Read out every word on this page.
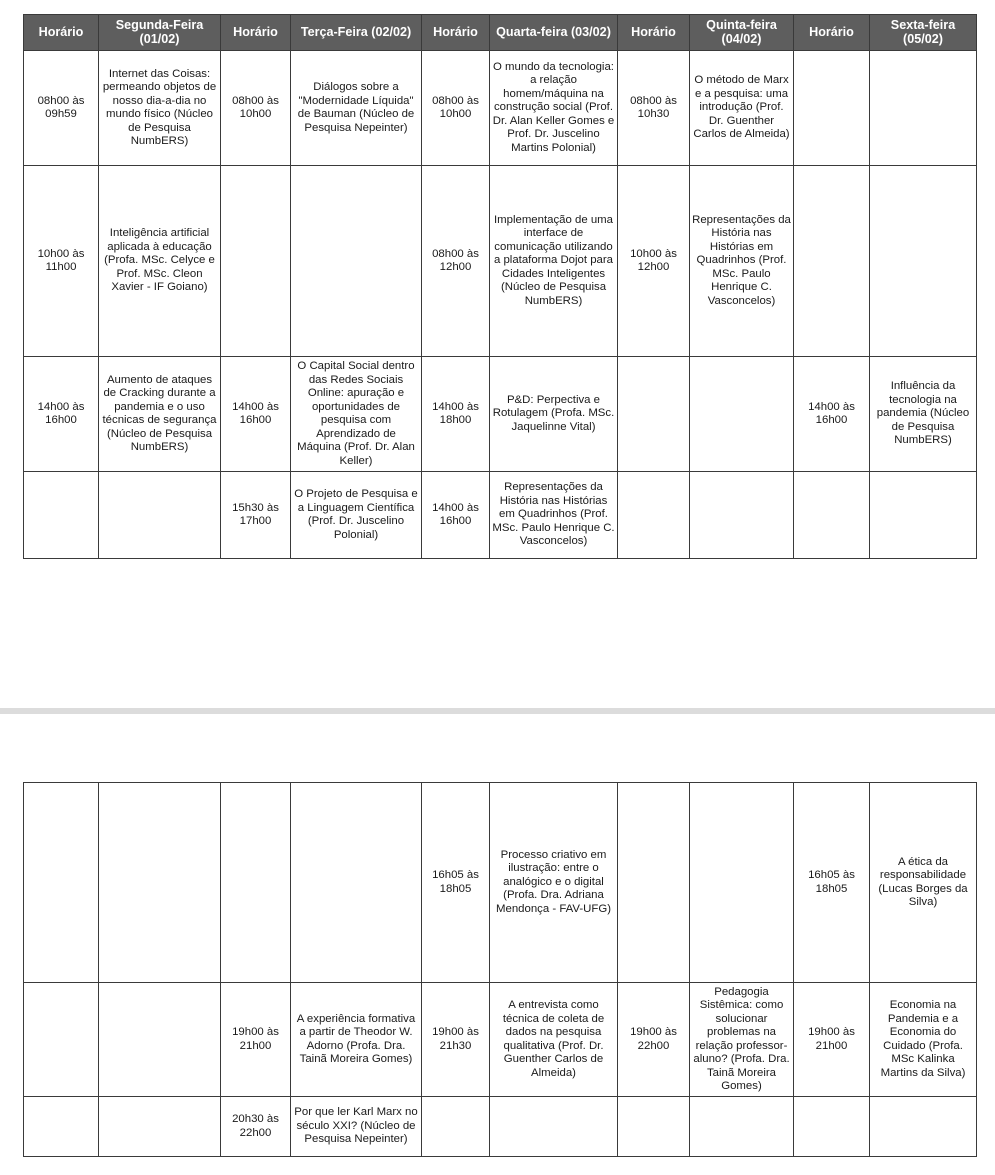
Horário	Segunda-Feira (01/02)	Horário	Terça-Feira (02/02)	Horário	Quarta-feira (03/02)	Horário	Quinta-feira (04/02)	Horário	Sexta-feira (05/02)
08h00 às 09h59	Internet das Coisas: permeando objetos de nosso dia-a-dia no mundo físico (Núcleo de Pesquisa NumbERS)	08h00 às 10h00	Diálogos sobre a "Modernidade Líquida" de Bauman (Núcleo de Pesquisa Nepeinter)	08h00 às 10h00	O mundo da tecnologia: a relação homem/máquina na construção social (Prof. Dr. Alan Keller Gomes e Prof. Dr. Juscelino Martins Polonial)	08h00 às 10h30	O método de Marx e a pesquisa: uma introdução (Prof. Dr. Guenther Carlos de Almeida)		
10h00 às 11h00	Inteligência artificial aplicada à educação (Profa. MSc. Celyce e Prof. MSc. Cleon Xavier - IF Goiano)			08h00 às 12h00	Implementação de uma interface de comunicação utilizando a plataforma Dojot para Cidades Inteligentes (Núcleo de Pesquisa NumbERS)	10h00 às 12h00	Representações da História nas Histórias em Quadrinhos (Prof. MSc. Paulo Henrique C. Vasconcelos)		
14h00 às 16h00	Aumento de ataques de Cracking durante a pandemia e o uso técnicas de segurança (Núcleo de Pesquisa NumbERS)	14h00 às 16h00	O Capital Social dentro das Redes Sociais Online: apuração e oportunidades de pesquisa com Aprendizado de Máquina (Prof. Dr. Alan Keller)	14h00 às 18h00	P&D: Perpectiva e Rotulagem (Profa. MSc. Jaquelinne Vital)			14h00 às 16h00	Influência da tecnologia na pandemia (Núcleo de Pesquisa NumbERS)
		15h30 às 17h00	O Projeto de Pesquisa e a Linguagem Científica (Prof. Dr. Juscelino Polonial)	14h00 às 16h00	Representações da História nas Histórias em Quadrinhos (Prof. MSc. Paulo Henrique C. Vasconcelos)				
				16h05 às 18h05	Processo criativo em ilustração: entre o analógico e o digital (Profa. Dra. Adriana Mendonça - FAV-UFG)			16h05 às 18h05	A ética da responsabilidade (Lucas Borges da Silva)
		19h00 às 21h00	A experiência formativa a partir de Theodor W. Adorno (Profa. Dra. Tainã Moreira Gomes)	19h00 às 21h30	A entrevista como técnica de coleta de dados na pesquisa qualitativa (Prof. Dr. Guenther Carlos de Almeida)	19h00 às 22h00	Pedagogia Sistêmica: como solucionar problemas na relação professor-aluno? (Profa. Dra. Tainã Moreira Gomes)	19h00 às 21h00	Economia na Pandemia e a Economia do Cuidado (Profa. MSc Kalinka Martins da Silva)
		20h30 às 22h00	Por que ler Karl Marx no século XXI? (Núcleo de Pesquisa Nepeinter)						
